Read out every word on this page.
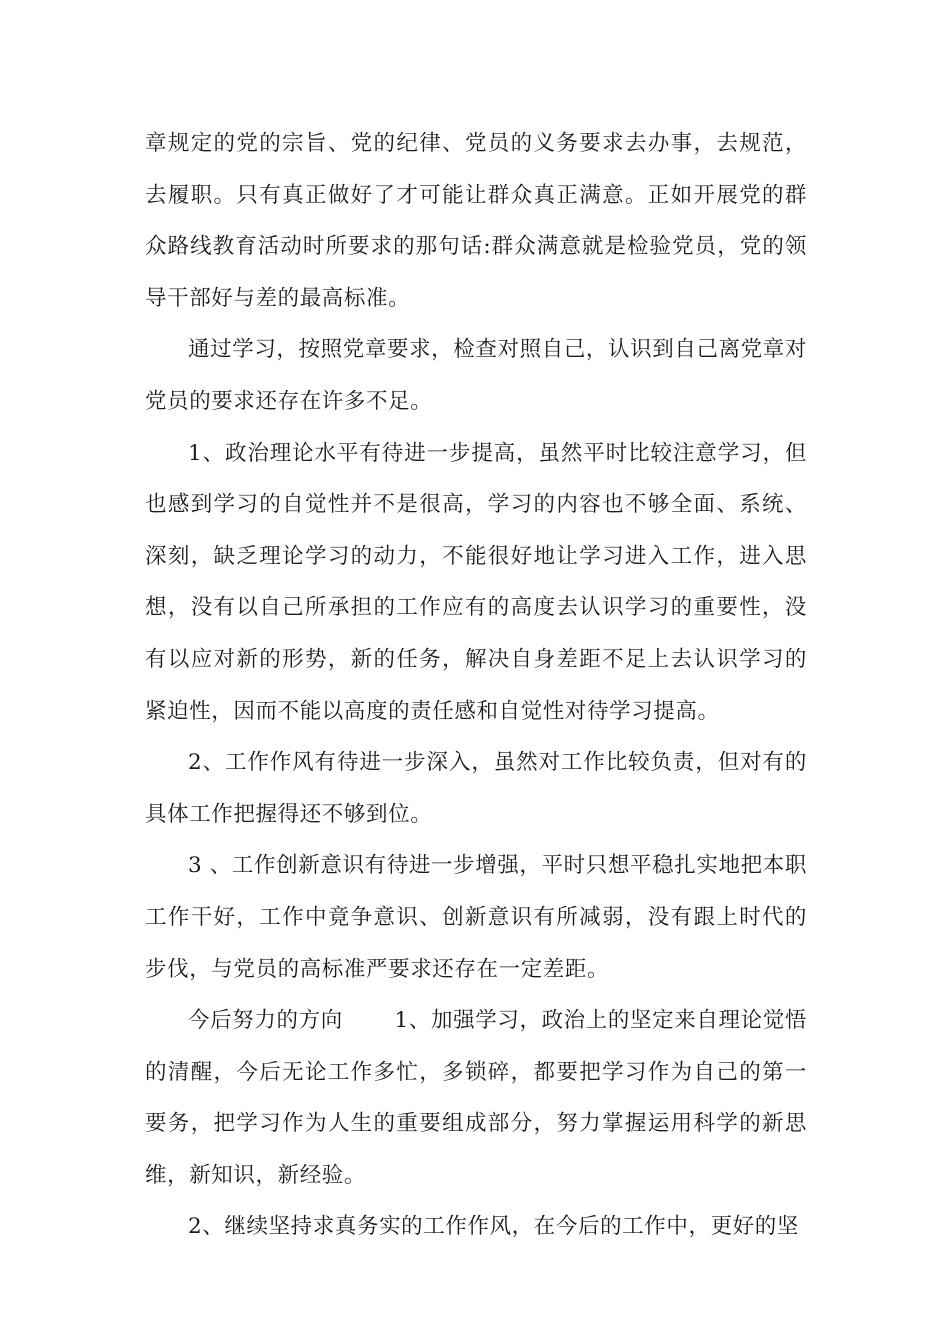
章规定的党的宗旨、党的纪律、党员的义务要求去办事，去规范，去履职。只有真正做好了才可能让群众真正满意。正如开展党的群众路线教育活动时所要求的那句话:群众满意就是检验党员，党的领导干部好与差的最高标准。

通过学习，按照党章要求，检查对照自己，认识到自己离党章对党员的要求还存在许多不足。

1、政治理论水平有待进一步提高，虽然平时比较注意学习，但也感到学习的自觉性并不是很高，学习的内容也不够全面、系统、深刻，缺乏理论学习的动力，不能很好地让学习进入工作，进入思想，没有以自己所承担的工作应有的高度去认识学习的重要性，没有以应对新的形势，新的任务，解决自身差距不足上去认识学习的紧迫性，因而不能以高度的责任感和自觉性对待学习提高。

2、工作作风有待进一步深入，虽然对工作比较负责，但对有的具体工作把握得还不够到位。

3 、工作创新意识有待进一步增强，平时只想平稳扎实地把本职工作干好，工作中竟争意识、创新意识有所减弱，没有跟上时代的步伐，与党员的高标准严要求还存在一定差距。

今后努力的方向　　 1、加强学习，政治上的坚定来自理论觉悟的清醒，今后无论工作多忙，多锁碎，都要把学习作为自己的第一要务，把学习作为人生的重要组成部分，努力掌握运用科学的新思维，新知识，新经验。

2、继续坚持求真务实的工作作风，在今后的工作中，更好的坚
